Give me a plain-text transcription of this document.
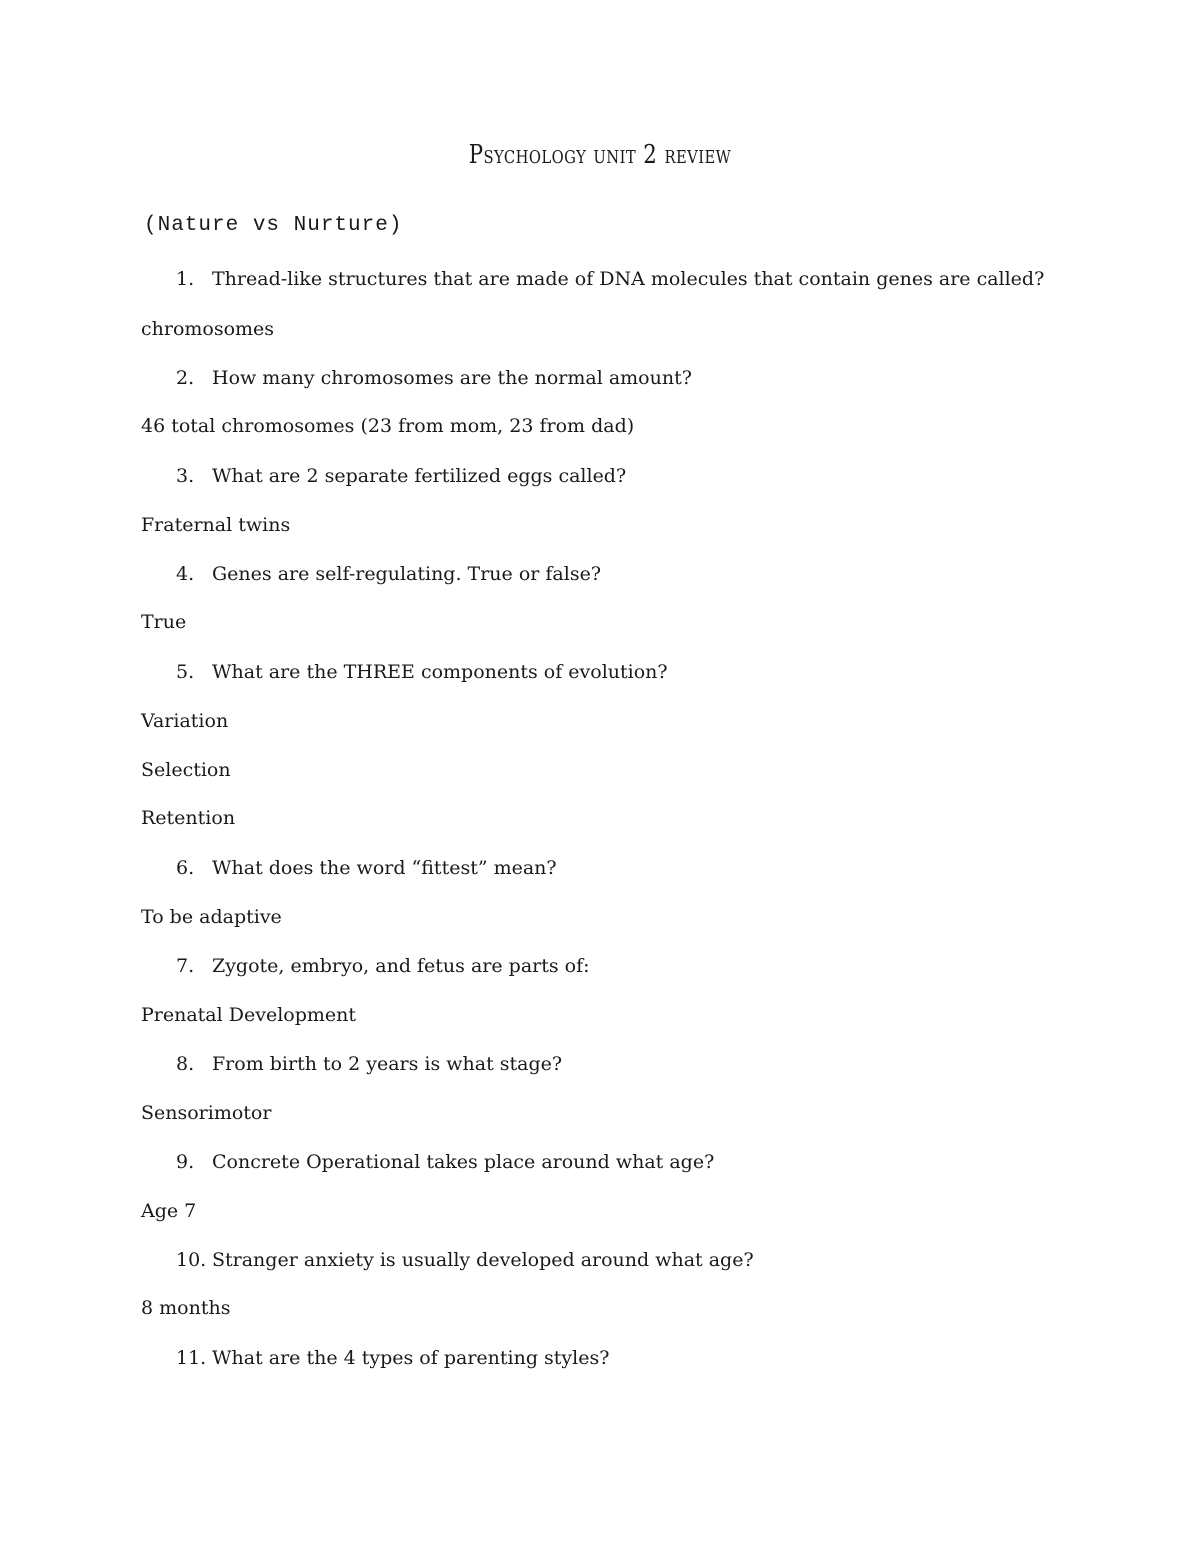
Psychology unit 2 review
(Nature vs Nurture)
1. Thread-like structures that are made of DNA molecules that contain genes are called?
chromosomes
2. How many chromosomes are the normal amount?
46 total chromosomes (23 from mom, 23 from dad)
3. What are 2 separate fertilized eggs called?
Fraternal twins
4. Genes are self-regulating. True or false?
True
5. What are the THREE components of evolution?
Variation
Selection
Retention
6. What does the word “fittest” mean?
To be adaptive
7. Zygote, embryo, and fetus are parts of:
Prenatal Development
8. From birth to 2 years is what stage?
Sensorimotor
9. Concrete Operational takes place around what age?
Age 7
10. Stranger anxiety is usually developed around what age?
8 months
11. What are the 4 types of parenting styles?
